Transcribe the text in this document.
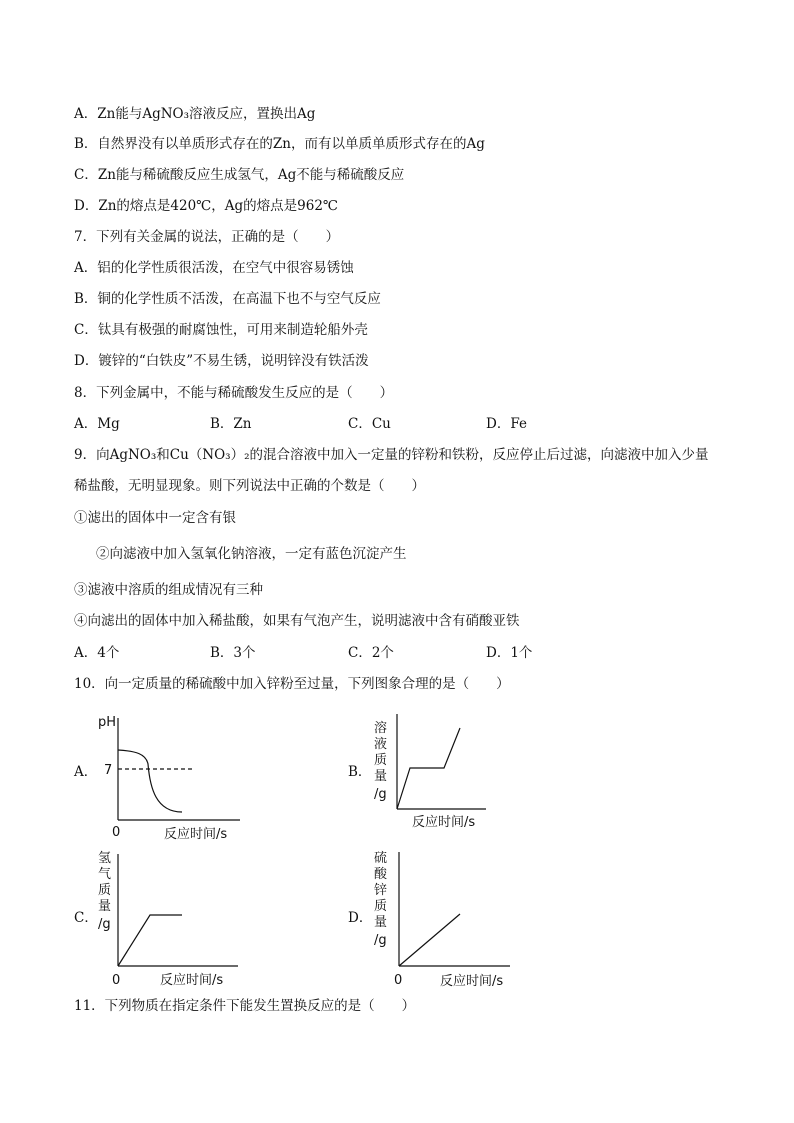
A．Zn能与AgNO₃溶液反应，置换出Ag
B．自然界没有以单质形式存在的Zn，而有以单质单质形式存在的Ag
C．Zn能与稀硫酸反应生成氢气，Ag不能与稀硫酸反应
D．Zn的熔点是420℃，Ag的熔点是962℃
7．下列有关金属的说法，正确的是（　　）
A．铝的化学性质很活泼，在空气中很容易锈蚀
B．铜的化学性质不活泼，在高温下也不与空气反应
C．钛具有极强的耐腐蚀性，可用来制造轮船外壳
D．镀锌的“白铁皮”不易生锈，说明锌没有铁活泼
8．下列金属中，不能与稀硫酸发生反应的是（　　）
A．Mg	B．Zn	C．Cu	D．Fe
9．向AgNO₃和Cu（NO₃）₂的混合溶液中加入一定量的锌粉和铁粉，反应停止后过滤，向滤液中加入少量
稀盐酸，无明显现象。则下列说法中正确的个数是（　　）
①滤出的固体中一定含有银
②向滤液中加入氢氧化钠溶液，一定有蓝色沉淀产生
③滤液中溶质的组成情况有三种
④向滤出的固体中加入稀盐酸，如果有气泡产生，说明滤液中含有硝酸亚铁
A．4个	B．3个	C．2个	D．1个
10．向一定质量的稀硫酸中加入锌粉至过量，下列图象合理的是（　　）
A．
pH
7
0	反应时间/s
B．
溶
液
质
量
/g
反应时间/s
C．
氢
气
质
量
/g
0	反应时间/s
D．
硫
酸
锌
质
量
/g
0	反应时间/s
11．下列物质在指定条件下能发生置换反应的是（　　）
